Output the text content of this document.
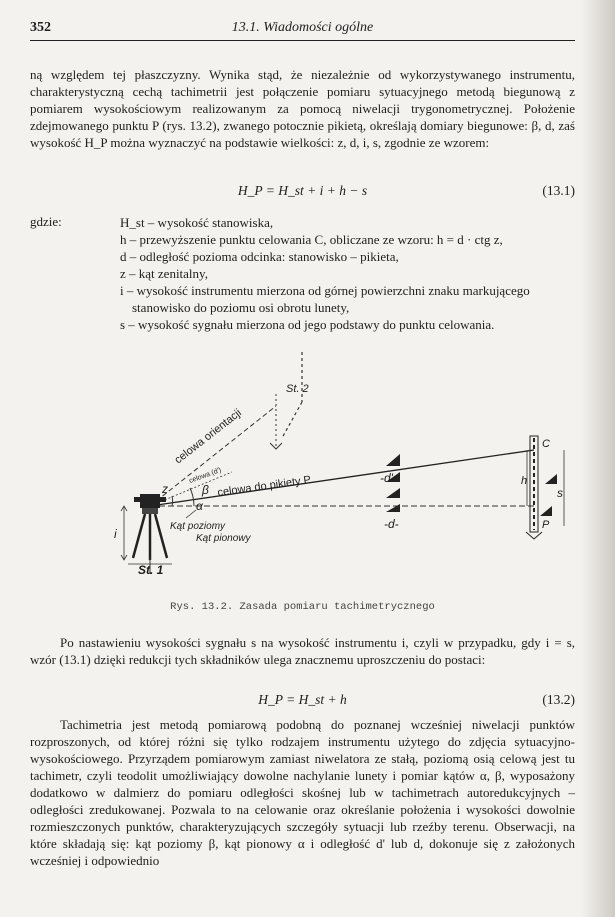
352	13.1. Wiadomości ogólne

ną względem tej płaszczyzny. Wynika stąd, że niezależnie od wykorzystywanego instrumentu, charakterystyczną cechą tachimetrii jest połączenie pomiaru sytuacyjnego metodą biegunową z pomiarem wysokościowym realizowanym za pomocą niwelacji trygonometrycznej. Położenie zdejmowanego punktu P (rys. 13.2), zwanego potocznie pikietą, określają domiary biegunowe: β, d, zaś wysokość H_P można wyznaczyć na podstawie wielkości: z, d, i, s, zgodnie ze wzorem:

H_P = H_st + i + h − s	(13.1)
gdzie:	H_st – wysokość stanowiska,
h – przewyższenie punktu celowania C, obliczane ze wzoru: h = d · ctg z,
d – odległość pozioma odcinka: stanowisko – pikieta,
z – kąt zenitalny,
i – wysokość instrumentu mierzona od górnej powierzchni znaku markującego stanowisko do poziomu osi obrotu lunety,
s – wysokość sygnału mierzona od jego podstawy do punktu celowania.
St. 2
celowa orientacji
celowa (d')
celowa do pikiety P
z	β
α
Kąt poziomy
Kąt pionowy
St. 1
i
-d'-
-d-
C
h
s
P
Rys. 13.2. Zasada pomiaru tachimetrycznego

Po nastawieniu wysokości sygnału s na wysokość instrumentu i, czyli w przypadku, gdy i = s, wzór (13.1) dzięki redukcji tych składników ulega znacznemu uproszczeniu do postaci:

H_P = H_st + h	(13.2)

Tachimetria jest metodą pomiarową podobną do poznanej wcześniej niwelacji punktów rozproszonych, od której różni się tylko rodzajem instrumentu użytego do zdjęcia sytuacyjno-wysokościowego. Przyrządem pomiarowym zamiast niwelatora ze stałą, poziomą osią celową jest tu tachimetr, czyli teodolit umożliwiający dowolne nachylanie lunety i pomiar kątów α, β, wyposażony dodatkowo w dalmierz do pomiaru odległości skośnej lub w tachimetrach autoredukcyjnych – odległości zredukowanej. Pozwala to na celowanie oraz określanie położenia i wysokości dowolnie rozmieszczonych punktów, charakteryzujących szczegóły sytuacji lub rzeźby terenu. Obserwacji, na które składają się: kąt poziomy β, kąt pionowy α i odległość d' lub d, dokonuje się z założonych wcześniej i odpowiednio
